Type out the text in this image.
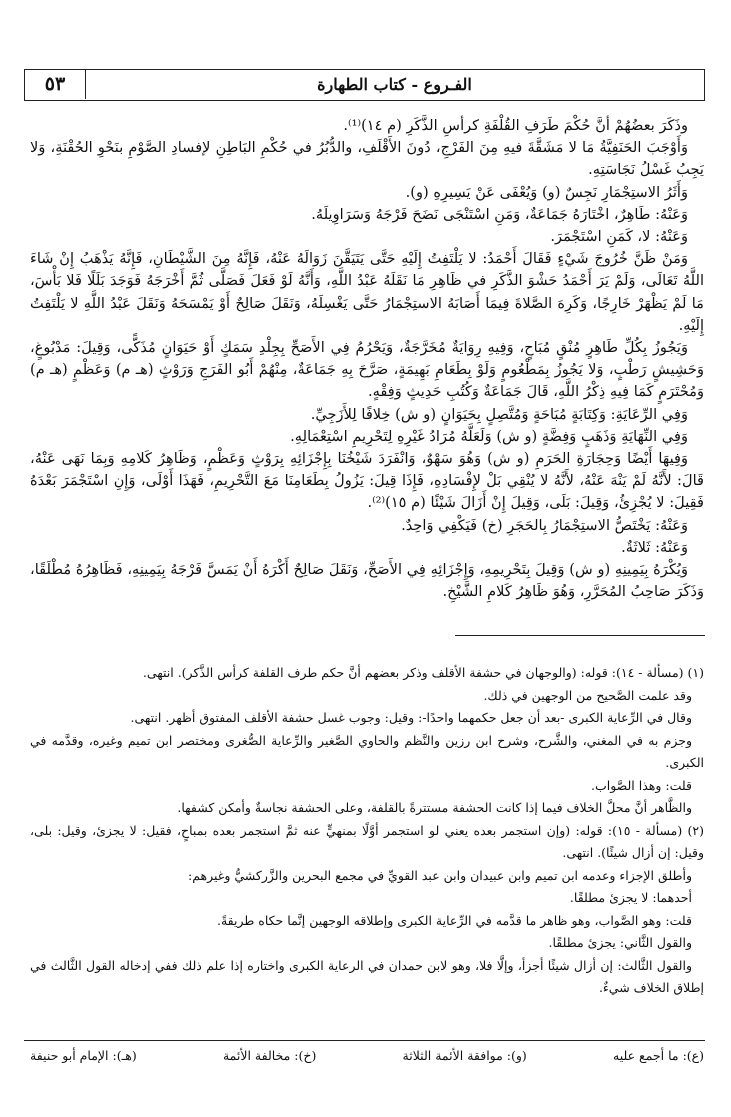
٥٣	الفـروع - كتاب الطهارة

وذَكَرَ بعضُهُمْ أنَّ حُكْمَ طَرَفِ القُلْفَةِ كرأسِ الذَّكَرِ (م ١٤)⁽¹⁾.

وَأَوْجَبَ الحَنَفِيَّةُ مَا لا مَشَقَّةَ فيهِ مِنَ الفَرْجِ، دُونَ الأَقْلَفِ، والدُّبُرُ في حُكْمِ البَاطِنِ لإفسادِ الصَّوْمِ بنَحْوِ الحُقْنَةِ، وَلا يَجِبُ غَسْلُ نَجَاسَتِهِ.

وَأَثَرُ الاستِجْمَارِ نَجِسٌ (و) وَيُعْفَى عَنْ يَسِيرِهِ (و).

وَعَنْهُ: طَاهِرٌ، اخْتَارَهُ جَمَاعَةٌ، وَمَنِ اسْتَنْجَى نَضَحَ فَرْجَهُ وَسَرَاوِيلَهُ.

وَعَنْهُ: لا، كَمَنِ اسْتَجْمَرَ.

وَمَنْ ظَنَّ خُرُوجَ شَيْءٍ فَقَالَ أَحْمَدُ: لا يَلْتَفِتُ إِلَيْهِ حَتَّى يَتَيَقَّنَ زَوَالَهُ عَنْهُ، فَإِنَّهُ مِنَ الشَّيْطَانِ، فَإِنَّهُ يَذْهَبُ إِنْ شَاءَ اللَّهُ تَعَالَى، وَلَمْ يَرَ أَحْمَدُ حَشْوَ الذَّكَرِ في ظَاهِرِ مَا نَقَلَهُ عَبْدُ اللَّهِ، وَأَنَّهُ لَوْ فَعَلَ فَصَلَّى ثُمَّ أَخْرَجَهُ فَوَجَدَ بَلَلًا فَلا بَأْسَ، مَا لَمْ يَظْهَرْ خَارِجًا، وَكَرِهَ الصَّلاةَ فِيمَا أَصَابَهُ الاستِجْمَارُ حَتَّى يَغْسِلَهُ، وَنَقَلَ صَالِحٌ أَوْ يَمْسَحَهُ وَنَقَلَ عَبْدُ اللَّهِ لا يَلْتَفِتُ إِلَيْهِ.

وَيَجُوزُ بِكُلِّ طَاهِرٍ مُنْقٍ مُبَاحٍ، وَفِيهِ رِوَايَةٌ مُخَرَّجَةٌ، وَيَحْرُمُ فِي الأَصَحِّ بِجِلْدِ سَمَكٍ أَوْ حَيَوَانٍ مُذَكًّى، وَقِيلَ: مَدْبُوغٍ، وَحَشِيشٍ رَطْبٍ، وَلا يَجُوزُ بِمَطْعُومٍ وَلَوْ بِطَعَامِ بَهِيمَةٍ، صَرَّحَ بِهِ جَمَاعَةٌ، مِنْهُمْ أَبُو الفَرَجِ وَرَوْثٍ (هـ م) وَعَظْمٍ (هـ م) وَمُحْتَرَمٍ كَمَا فِيهِ ذِكْرُ اللَّهِ، قَالَ جَمَاعَةٌ وَكُتُبِ حَدِيثٍ وَفِقْهٍ.

وَفِي الرِّعَايَةِ: وَكِتَابَةٍ مُبَاحَةٍ وَمُتَّصِلٍ بِحَيَوَانٍ (و ش) خِلافًا لِلأَزَجِيِّ.

وَفِي النِّهَايَةِ وَذَهَبٍ وَفِضَّةٍ (و ش) وَلَعَلَّهُ مُرَادُ غَيْرِهِ لِتَحْرِيمِ اسْتِعْمَالِهِ.

وَفِيهَا أَيْضًا وَحِجَارَةِ الحَرَمِ (و ش) وَهُوَ سَهْوٌ، وَانْفَرَدَ شَيْخُنَا بِإِجْزَائِهِ بِرَوْثٍ وَعَظْمٍ، وَظَاهِرُ كَلامِهِ وَبِمَا نَهَى عَنْهُ، قَالَ: لأَنَّهُ لَمْ يَنْهَ عَنْهُ، لأَنَّهُ لا يُنْقِي بَلْ لإِفْسَادِهِ، فَإِذَا قِيلَ: يَزُولُ بِطَعَامِنَا مَعَ التَّحْرِيمِ، فَهَذَا أَوْلَى، وَإِنِ اسْتَجْمَرَ بَعْدَهُ فَقِيلَ: لا يُجْزِئُ، وَقِيلَ: بَلَى، وَقِيلَ إِنْ أَزَالَ شَيْئًا (م ١٥)⁽²⁾.

وَعَنْهُ: يَخْتَصُّ الاستِجْمَارُ بِالحَجَرِ (خ) فَيَكْفِي وَاحِدٌ.

وَعَنْهُ: ثَلاثَةٌ.

وَيُكْرَهُ بِيَمِينِهِ (و ش) وَقِيلَ بِتَحْرِيمِهِ، وَإِجْزَائِهِ فِي الأَصَحِّ، وَنَقَلَ صَالِحٌ أَكْرَهُ أَنْ يَمَسَّ فَرْجَهُ بِيَمِينِهِ، فَظَاهِرُهُ مُطْلَقًا، وَذَكَرَ صَاحِبُ المُحَرَّرِ، وَهُوَ ظَاهِرُ كَلامِ الشَّيْخِ.

(١) (مسألة - ١٤): قوله: (والوجهان في حشفة الأقلف وذكر بعضهم أنَّ حكم طرف القلفة كرأس الذَّكر). انتهى.

وقد علمت الصَّحيح من الوجهين في ذلك.

وقال في الرِّعاية الكبرى -بعد أن جعل حكمهما واحدًا-: وقيل: وجوب غسل حشفة الأقلف المفتوق أظهر. انتهى.

وجزم به في المغني، والشَّرح، وشرح ابن رزين والنَّظم والحاوي الصَّغير والرِّعاية الصُّغرى ومختصر ابن تميم وغيره، وقدَّمه في الكبرى.

قلت: وهذا الصَّواب.

والظَّاهر أنَّ محلَّ الخلاف فيما إذا كانت الحشفة مستترةً بالقلفة، وعلى الحشفة نجاسةٌ وأمكن كشفها.

(٢) (مسألة - ١٥): قوله: (وإن استجمر بعده يعني لو استجمر أوَّلًا بمنهيٍّ عنه ثمَّ استجمر بعده بمباحٍ، فقيل: لا يجزئ، وقيل: بلى، وقيل: إن أزال شيئًا). انتهى.

وأطلق الإجزاء وعدمه ابن تميم وابن عبيدان وابن عبد القويِّ في مجمع البحرين والزَّركشيُّ وغيرهم:

أحدهما: لا يجزئ مطلقًا.

قلت: وهو الصَّواب، وهو ظاهر ما قدَّمه في الرِّعاية الكبرى وإطلاقه الوجهين إنَّما حكاه طريقةً.

والقول الثَّاني: يجزئ مطلقًا.

والقول الثَّالث: إن أزال شيئًا أجزأ، وإلَّا فلا، وهو لابن حمدان في الرعاية الكبرى واختاره إذا علم ذلك ففي إدخاله القول الثَّالث في إطلاق الخلاف شيءٌ.

(ع): ما أجمع عليه
(و): موافقة الأئمة الثلاثة
(خ): مخالفة الأئمة
(هـ): الإمام أبو حنيفة
